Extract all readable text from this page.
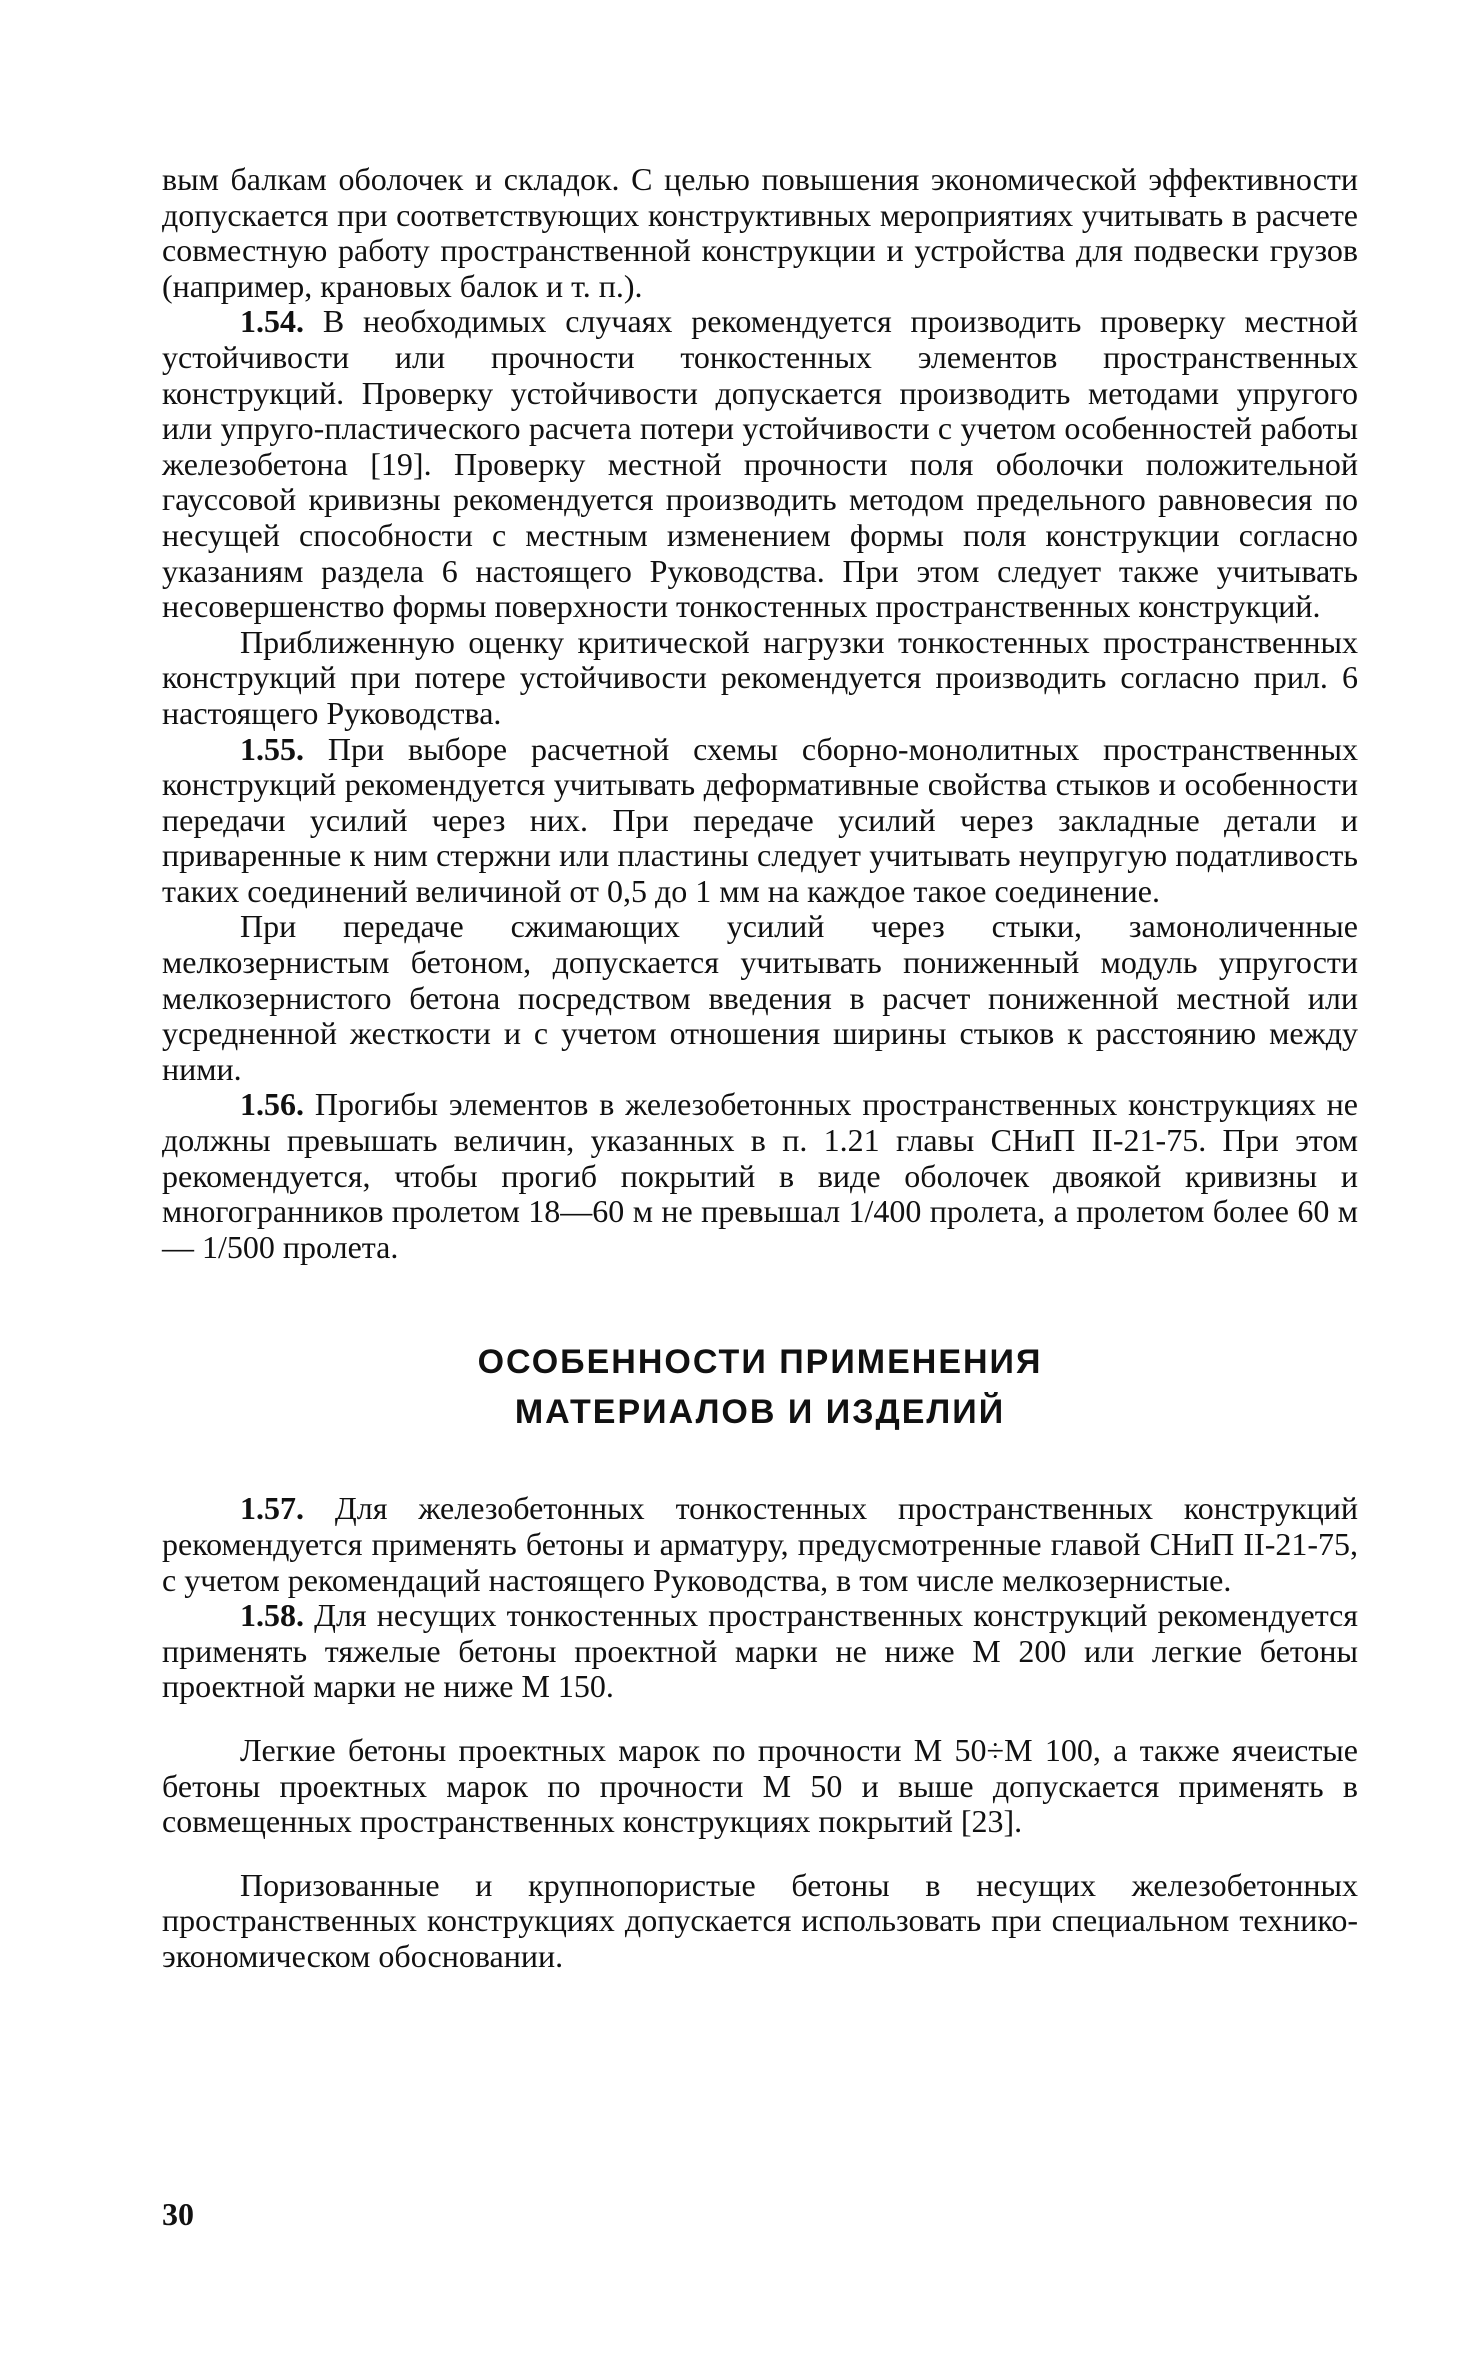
вым балкам оболочек и складок. С целью повышения экономической эффективности допускается при соответствующих конструктивных мероприятиях учитывать в расчете совместную работу пространственной конструкции и устройства для подвески грузов (например, крановых балок и т. п.).

1.54. В необходимых случаях рекомендуется производить проверку местной устойчивости или прочности тонкостенных элементов пространственных конструкций. Проверку устойчивости допускается производить методами упругого или упруго-пластического расчета потери устойчивости с учетом особенностей работы железобетона [19]. Проверку местной прочности поля оболочки положительной гауссовой кривизны рекомендуется производить методом предельного равновесия по несущей способности с местным изменением формы поля конструкции согласно указаниям раздела 6 настоящего Руководства. При этом следует также учитывать несовершенство формы поверхности тонкостенных пространственных конструкций.

Приближенную оценку критической нагрузки тонкостенных пространственных конструкций при потере устойчивости рекомендуется производить согласно прил. 6 настоящего Руководства.

1.55. При выборе расчетной схемы сборно-монолитных пространственных конструкций рекомендуется учитывать деформативные свойства стыков и особенности передачи усилий через них. При передаче усилий через закладные детали и приваренные к ним стержни или пластины следует учитывать неупругую податливость таких соединений величиной от 0,5 до 1 мм на каждое такое соединение.

При передаче сжимающих усилий через стыки, замоноличенные мелкозернистым бетоном, допускается учитывать пониженный модуль упругости мелкозернистого бетона посредством введения в расчет пониженной местной или усредненной жесткости и с учетом отношения ширины стыков к расстоянию между ними.

1.56. Прогибы элементов в железобетонных пространственных конструкциях не должны превышать величин, указанных в п. 1.21 главы СНиП II-21-75. При этом рекомендуется, чтобы прогиб покрытий в виде оболочек двоякой кривизны и многогранников пролетом 18—60 м не превышал 1/400 пролета, а пролетом более 60 м — 1/500 пролета.

ОСОБЕННОСТИ ПРИМЕНЕНИЯ
МАТЕРИАЛОВ И ИЗДЕЛИЙ

1.57. Для железобетонных тонкостенных пространственных конструкций рекомендуется применять бетоны и арматуру, предусмотренные главой СНиП II-21-75, с учетом рекомендаций настоящего Руководства, в том числе мелкозернистые.

1.58. Для несущих тонкостенных пространственных конструкций рекомендуется применять тяжелые бетоны проектной марки не ниже М 200 или легкие бетоны проектной марки не ниже М 150.

Легкие бетоны проектных марок по прочности М 50÷М 100, а также ячеистые бетоны проектных марок по прочности М 50 и выше допускается применять в совмещенных пространственных конструкциях покрытий [23].

Поризованные и крупнопористые бетоны в несущих железобетонных пространственных конструкциях допускается использовать при специальном технико-экономическом обосновании.

30
